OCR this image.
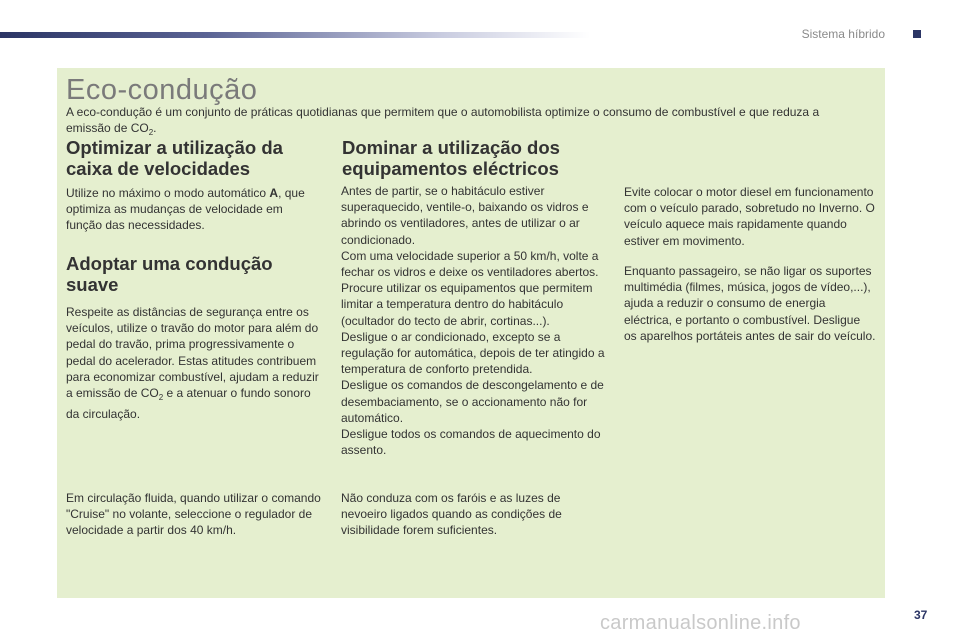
Sistema híbrido
Eco-condução
A eco-condução é um conjunto de práticas quotidianas que permitem que o automobilista optimize o consumo de combustível e que reduza a emissão de $CO_2$.
Optimizar a utilização da caixa de velocidades
Utilize no máximo o modo automático A, que optimiza as mudanças de velocidade em função das necessidades.
Adoptar uma condução suave
Respeite as distâncias de segurança entre os veículos, utilize o travão do motor para além do pedal do travão, prima progressivamente o pedal do acelerador. Estas atitudes contribuem para economizar combustível, ajudam a reduzir a emissão de $CO_2$ e a atenuar o fundo sonoro da circulação.
Em circulação fluida, quando utilizar o comando "Cruise" no volante, seleccione o regulador de velocidade a partir dos 40 km/h.
Dominar a utilização dos equipamentos eléctricos
Antes de partir, se o habitáculo estiver superaquecido, ventile-o, baixando os vidros e abrindo os ventiladores, antes de utilizar o ar condicionado.
Com uma velocidade superior a 50 km/h, volte a fechar os vidros e deixe os ventiladores abertos.
Procure utilizar os equipamentos que permitem limitar a temperatura dentro do habitáculo (ocultador do tecto de abrir, cortinas...).
Desligue o ar condicionado, excepto se a regulação for automática, depois de ter atingido a temperatura de conforto pretendida.
Desligue os comandos de descongelamento e de desembaciamento, se o accionamento não for automático.
Desligue todos os comandos de aquecimento do assento.
Não conduza com os faróis e as luzes de nevoeiro ligados quando as condições de visibilidade forem suficientes.
Evite colocar o motor diesel em funcionamento com o veículo parado, sobretudo no Inverno. O veículo aquece mais rapidamente quando estiver em movimento.
Enquanto passageiro, se não ligar os suportes multimédia (filmes, música, jogos de vídeo,...), ajuda a reduzir o consumo de energia eléctrica, e portanto o combustível. Desligue os aparelhos portáteis antes de sair do veículo.
carmanualsonline.info	37
